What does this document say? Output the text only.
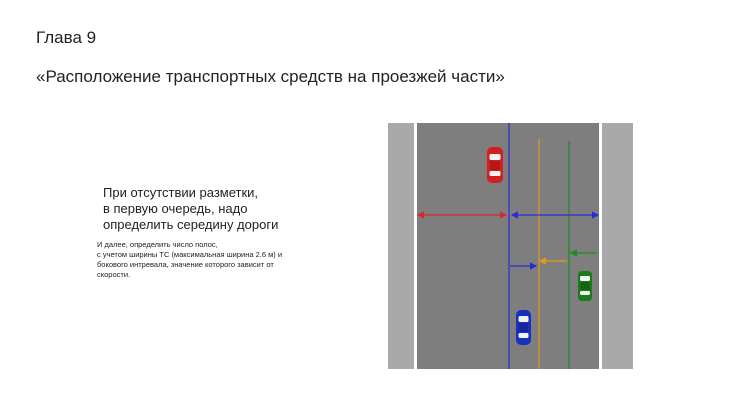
Глава 9
«Расположение транспортных средств на проезжей части»
При отсутствии разметки,
в первую очередь, надо
определить середину дороги
И далее, определить число полос,
с учетом ширины ТС (максимальная ширина 2.6 м) и
бокового интревала, значение которого зависит от
скорости.
